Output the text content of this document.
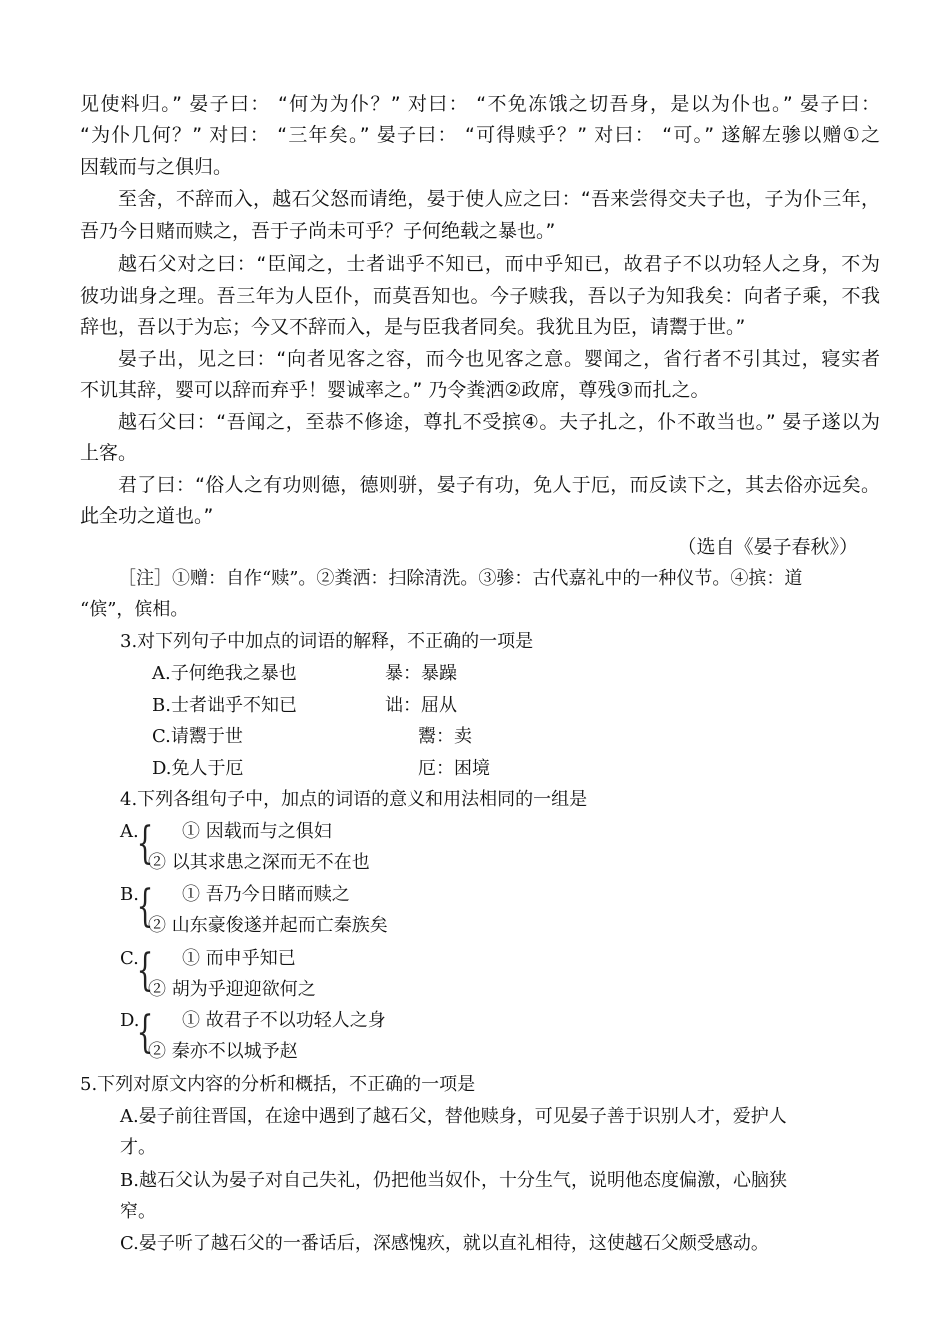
见使料归。” 晏子曰： “何为为仆？” 对曰： “不免冻饿之切吾身，是以为仆也。” 晏子曰：
“为仆几何？” 对曰： “三年矣。” 晏子曰： “可得赎乎？” 对曰： “可。” 遂解左骖以赠①之
因载而与之俱归。
至舍，不辞而入，越石父怒而请绝，晏于使人应之曰：“吾来尝得交夫子也，子为仆三年，
吾乃今日赌而赎之，吾于子尚未可乎？子何绝载之暴也。”
越石父对之曰：“臣闻之，士者诎乎不知已，而中乎知已，故君子不以功轻人之身，不为
彼功诎身之理。吾三年为人臣仆，而莫吾知也。今子赎我，吾以子为知我矣：向者子乘，不我
辞也，吾以于为忘；今又不辞而入，是与臣我者同矣。我犹且为臣，请鬻于世。”
晏子出，见之曰：“向者见客之容，而今也见客之意。婴闻之，省行者不引其过，寝实者
不讥其辞，婴可以辞而弃乎！婴诚率之。” 乃令粪洒②政席，尊残③而扎之。
越石父曰：“吾闻之，至恭不修途，尊扎不受摈④。夫子扎之，仆不敢当也。” 晏子遂以为
上客。
君了曰：“俗人之有功则德，德则骈，晏子有功，免人于厄，而反读下之，其去俗亦远矣。
此全功之道也。”
（选自《晏子春秋》）
［注］①赠：自作“赎”。②粪洒：扫除清洗。③骖：古代嘉礼中的一种仪节。④摈：道
“傧”，傧相。
3.对下列句子中加点的词语的解释，不正确的一项是
A.子何绝我之暴也	暴：暴躁
B.士者诎乎不知已	诎：屈从
C.请鬻于世	鬻：卖
D.免人于厄	厄：困境
4.下列各组句子中，加点的词语的意义和用法相同的一组是
A.
{ ① 因载而与之俱妇
② 以其求患之深而无不在也
B.
{ ① 吾乃今日睹而赎之
② 山东豪俊遂并起而亡秦族矣
C.
{ ① 而申乎知已
② 胡为乎迎迎欲何之
D.
{ ① 故君子不以功轻人之身
② 秦亦不以城予赵
5.下列对原文内容的分析和概括，不正确的一项是
A.晏子前往晋国，在途中遇到了越石父，替他赎身，可见晏子善于识别人才，爱护人
才。
B.越石父认为晏子对自己失礼，仍把他当奴仆，十分生气，说明他态度偏激，心脑狭
窄。
C.晏子听了越石父的一番话后，深感愧疚，就以直礼相待，这使越石父颇受感动。
